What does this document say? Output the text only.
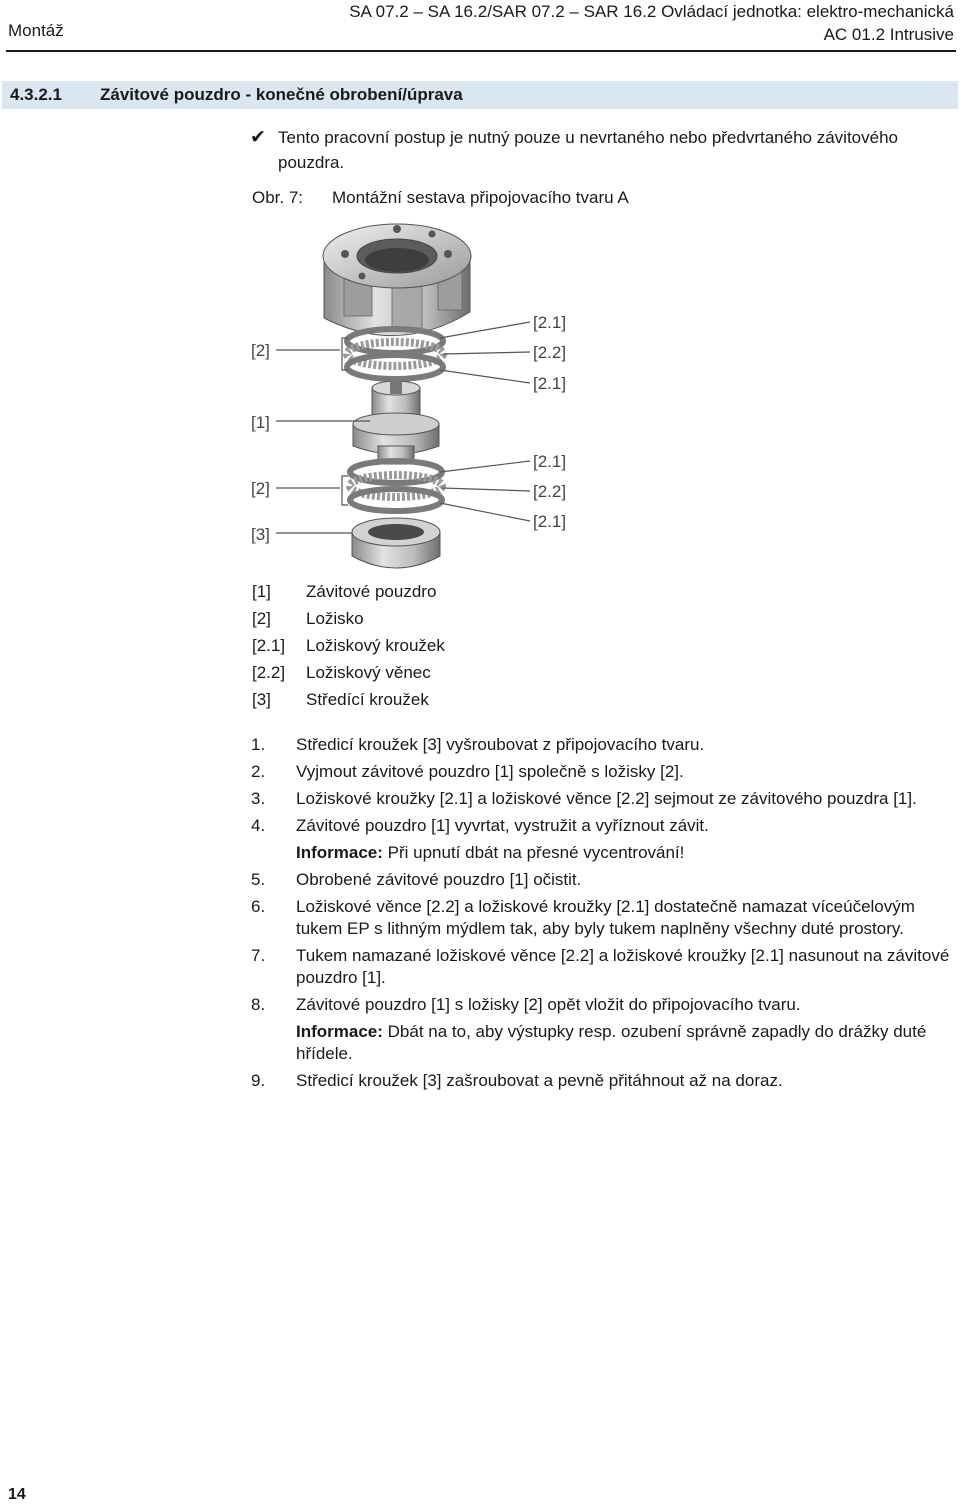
Montáž
SA 07.2 – SA 16.2/SAR 07.2 – SAR 16.2 Ovládací jednotka: elektro-mechanická
AC 01.2 Intrusive
4.3.2.1	Závitové pouzdro - konečné obrobení/úprava
✔ Tento pracovní postup je nutný pouze u nevrtaného nebo předvrtaného závitového pouzdra.
Obr. 7: Montážní sestava připojovacího tvaru A
[2]
[1]
[2]
[3]
[2.1]
[2.2]
[2.1]
[2.1]
[2.2]
[2.1]
[1] Závitové pouzdro
[2] Ložisko
[2.1] Ložiskový kroužek
[2.2] Ložiskový věnec
[3] Středící kroužek
1. Středicí kroužek [3] vyšroubovat z připojovacího tvaru.
2. Vyjmout závitové pouzdro [1] společně s ložisky [2].
3. Ložiskové kroužky [2.1] a ložiskové věnce [2.2] sejmout ze závitového pouzdra [1].
4. Závitové pouzdro [1] vyvrtat, vystružit a vyříznout závit.
Informace: Při upnutí dbát na přesné vycentrování!
5. Obrobené závitové pouzdro [1] očistit.
6. Ložiskové věnce [2.2] a ložiskové kroužky [2.1] dostatečně namazat víceúčelovým tukem EP s lithným mýdlem tak, aby byly tukem naplněny všechny duté prostory.
7. Tukem namazané ložiskové věnce [2.2] a ložiskové kroužky [2.1] nasunout na závitové pouzdro [1].
8. Závitové pouzdro [1] s ložisky [2] opět vložit do připojovacího tvaru.
Informace: Dbát na to, aby výstupky resp. ozubení správně zapadly do drážky duté hřídele.
9. Středicí kroužek [3] zašroubovat a pevně přitáhnout až na doraz.
14
